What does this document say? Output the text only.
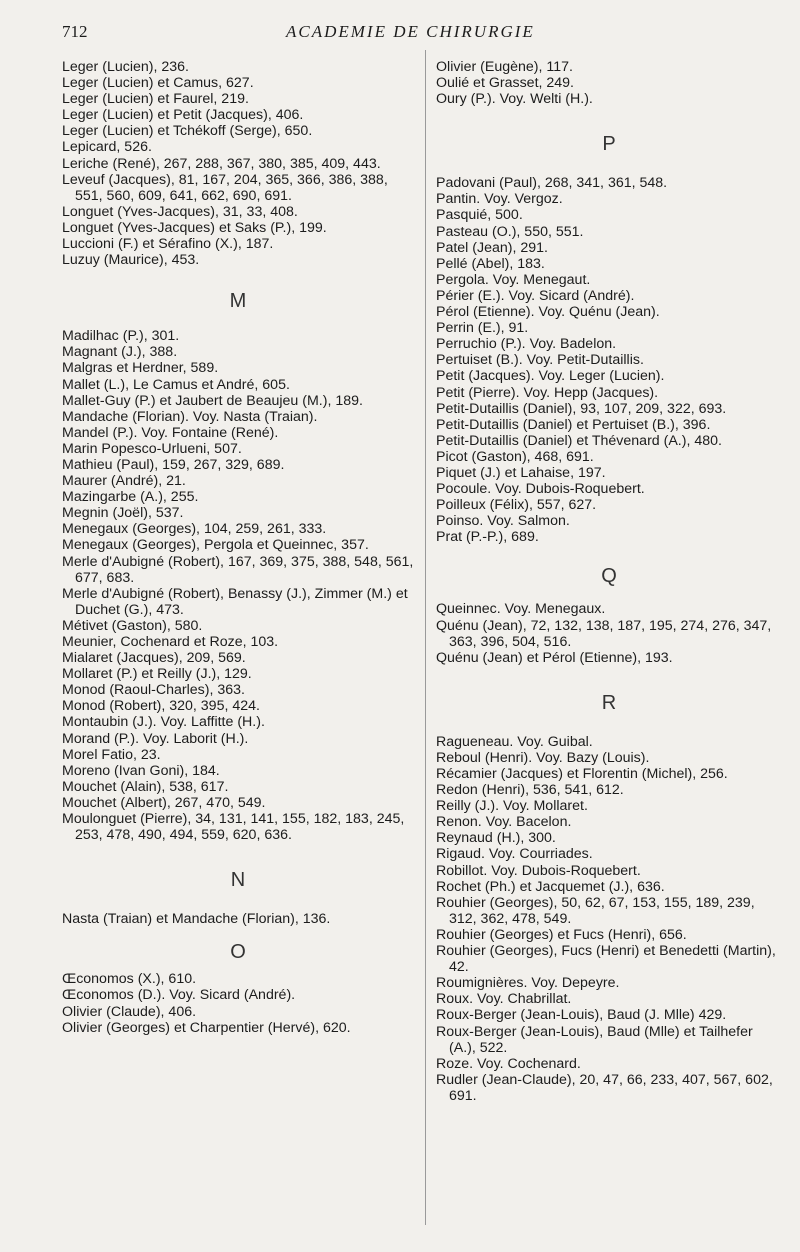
712	ACADEMIE DE CHIRURGIE
Leger (Lucien), 236.
Leger (Lucien) et Camus, 627.
Leger (Lucien) et Faurel, 219.
Leger (Lucien) et Petit (Jacques), 406.
Leger (Lucien) et Tchékoff (Serge), 650.
Lepicard, 526.
Leriche (René), 267, 288, 367, 380, 385, 409, 443.
Leveuf (Jacques), 81, 167, 204, 365, 366, 386, 388, 551, 560, 609, 641, 662, 690, 691.
Longuet (Yves-Jacques), 31, 33, 408.
Longuet (Yves-Jacques) et Saks (P.), 199.
Luccioni (F.) et Sérafino (X.), 187.
Luzuy (Maurice), 453.
M
Madilhac (P.), 301.
Magnant (J.), 388.
Malgras et Herdner, 589.
Mallet (L.), Le Camus et André, 605.
Mallet-Guy (P.) et Jaubert de Beaujeu (M.), 189.
Mandache (Florian). Voy. Nasta (Traian).
Mandel (P.). Voy. Fontaine (René).
Marin Popesco-Urlueni, 507.
Mathieu (Paul), 159, 267, 329, 689.
Maurer (André), 21.
Mazingarbe (A.), 255.
Megnin (Joël), 537.
Menegaux (Georges), 104, 259, 261, 333.
Menegaux (Georges), Pergola et Queinnec, 357.
Merle d'Aubigné (Robert), 167, 369, 375, 388, 548, 561, 677, 683.
Merle d'Aubigné (Robert), Benassy (J.), Zimmer (M.) et Duchet (G.), 473.
Métivet (Gaston), 580.
Meunier, Cochenard et Roze, 103.
Mialaret (Jacques), 209, 569.
Mollaret (P.) et Reilly (J.), 129.
Monod (Raoul-Charles), 363.
Monod (Robert), 320, 395, 424.
Montaubin (J.). Voy. Laffitte (H.).
Morand (P.). Voy. Laborit (H.).
Morel Fatio, 23.
Moreno (Ivan Goni), 184.
Mouchet (Alain), 538, 617.
Mouchet (Albert), 267, 470, 549.
Moulonguet (Pierre), 34, 131, 141, 155, 182, 183, 245, 253, 478, 490, 494, 559, 620, 636.
N
Nasta (Traian) et Mandache (Florian), 136.
O
Œconomos (X.), 610.
Œconomos (D.). Voy. Sicard (André).
Olivier (Claude), 406.
Olivier (Georges) et Charpentier (Hervé), 620.
Olivier (Eugène), 117.
Oulié et Grasset, 249.
Oury (P.). Voy. Welti (H.).
P
Padovani (Paul), 268, 341, 361, 548.
Pantin. Voy. Vergoz.
Pasquié, 500.
Pasteau (O.), 550, 551.
Patel (Jean), 291.
Pellé (Abel), 183.
Pergola. Voy. Menegaut.
Périer (E.). Voy. Sicard (André).
Pérol (Etienne). Voy. Quénu (Jean).
Perrin (E.), 91.
Perruchio (P.). Voy. Badelon.
Pertuiset (B.). Voy. Petit-Dutaillis.
Petit (Jacques). Voy. Leger (Lucien).
Petit (Pierre). Voy. Hepp (Jacques).
Petit-Dutaillis (Daniel), 93, 107, 209, 322, 693.
Petit-Dutaillis (Daniel) et Pertuiset (B.), 396.
Petit-Dutaillis (Daniel) et Thévenard (A.), 480.
Picot (Gaston), 468, 691.
Piquet (J.) et Lahaise, 197.
Pocoule. Voy. Dubois-Roquebert.
Poilleux (Félix), 557, 627.
Poinso. Voy. Salmon.
Prat (P.-P.), 689.
Q
Queinnec. Voy. Menegaux.
Quénu (Jean), 72, 132, 138, 187, 195, 274, 276, 347, 363, 396, 504, 516.
Quénu (Jean) et Pérol (Etienne), 193.
R
Ragueneau. Voy. Guibal.
Reboul (Henri). Voy. Bazy (Louis).
Récamier (Jacques) et Florentin (Michel), 256.
Redon (Henri), 536, 541, 612.
Reilly (J.). Voy. Mollaret.
Renon. Voy. Bacelon.
Reynaud (H.), 300.
Rigaud. Voy. Courriades.
Robillot. Voy. Dubois-Roquebert.
Rochet (Ph.) et Jacquemet (J.), 636.
Rouhier (Georges), 50, 62, 67, 153, 155, 189, 239, 312, 362, 478, 549.
Rouhier (Georges) et Fucs (Henri), 656.
Rouhier (Georges), Fucs (Henri) et Benedetti (Martin), 42.
Roumignières. Voy. Depeyre.
Roux. Voy. Chabrillat.
Roux-Berger (Jean-Louis), Baud (J. Mlle) 429.
Roux-Berger (Jean-Louis), Baud (Mlle) et Tailhefer (A.), 522.
Roze. Voy. Cochenard.
Rudler (Jean-Claude), 20, 47, 66, 233, 407, 567, 602, 691.
